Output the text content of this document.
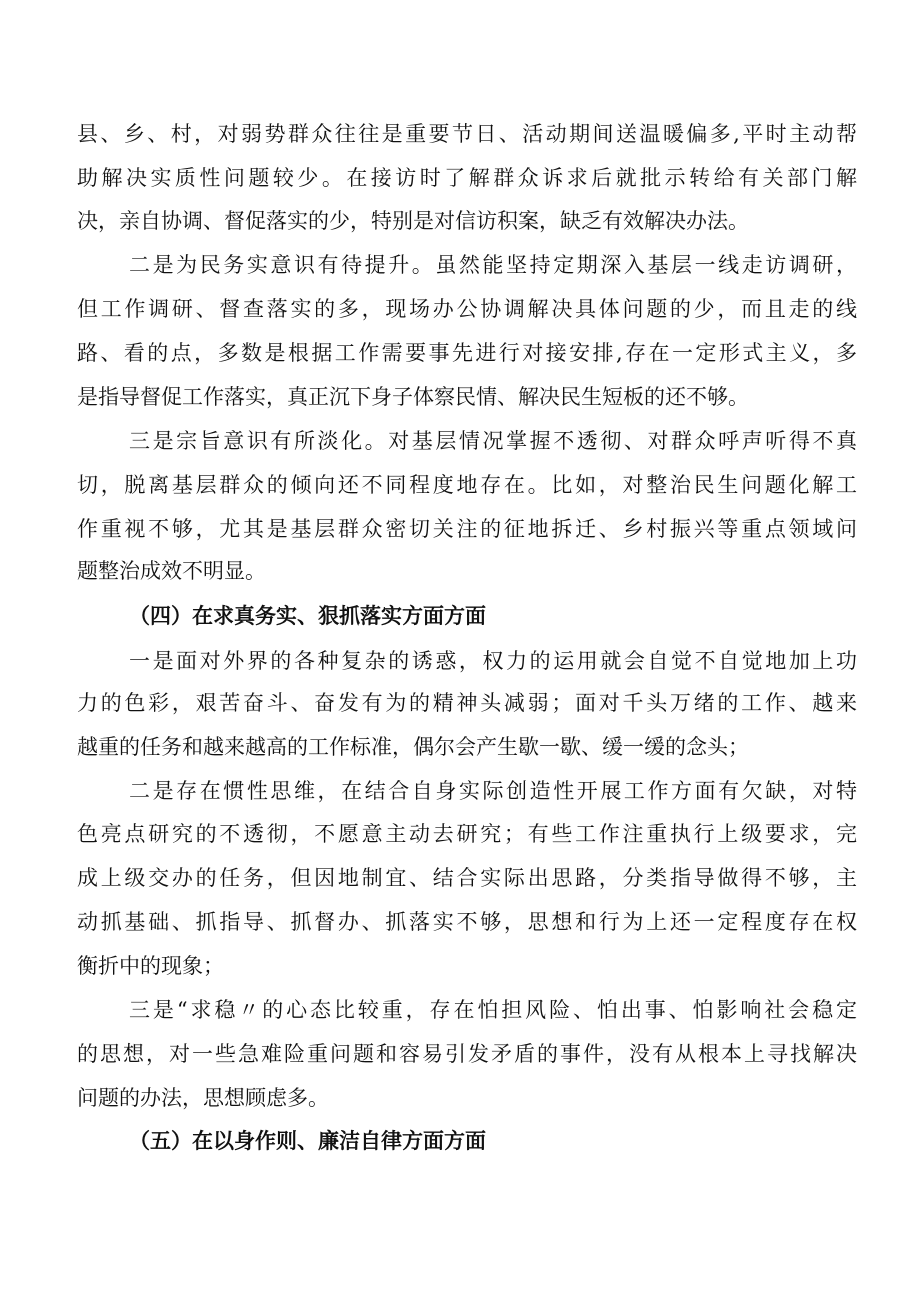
县、乡、村，对弱势群众往往是重要节日、活动期间送温暖偏多,平时主动帮
助解决实质性问题较少。在接访时了解群众诉求后就批示转给有关部门解
决，亲自协调、督促落实的少，特别是对信访积案，缺乏有效解决办法。
二是为民务实意识有待提升。虽然能坚持定期深入基层一线走访调研，
但工作调研、督查落实的多，现场办公协调解决具体问题的少，而且走的线
路、看的点，多数是根据工作需要事先进行对接安排,存在一定形式主义，多
是指导督促工作落实，真正沉下身子体察民情、解决民生短板的还不够。
三是宗旨意识有所淡化。对基层情况掌握不透彻、对群众呼声听得不真
切，脱离基层群众的倾向还不同程度地存在。比如，对整治民生问题化解工
作重视不够，尤其是基层群众密切关注的征地拆迁、乡村振兴等重点领域问
题整治成效不明显。
（四）在求真务实、狠抓落实方面方面
一是面对外界的各种复杂的诱惑，权力的运用就会自觉不自觉地加上功
力的色彩，艰苦奋斗、奋发有为的精神头减弱；面对千头万绪的工作、越来
越重的任务和越来越高的工作标准，偶尔会产生歇一歇、缓一缓的念头；
二是存在惯性思维，在结合自身实际创造性开展工作方面有欠缺，对特
色亮点研究的不透彻，不愿意主动去研究；有些工作注重执行上级要求，完
成上级交办的任务，但因地制宜、结合实际出思路，分类指导做得不够，主
动抓基础、抓指导、抓督办、抓落实不够，思想和行为上还一定程度存在权
衡折中的现象；
三是“求稳〃的心态比较重，存在怕担风险、怕出事、怕影响社会稳定
的思想，对一些急难险重问题和容易引发矛盾的事件，没有从根本上寻找解决
问题的办法，思想顾虑多。
（五）在以身作则、廉洁自律方面方面
